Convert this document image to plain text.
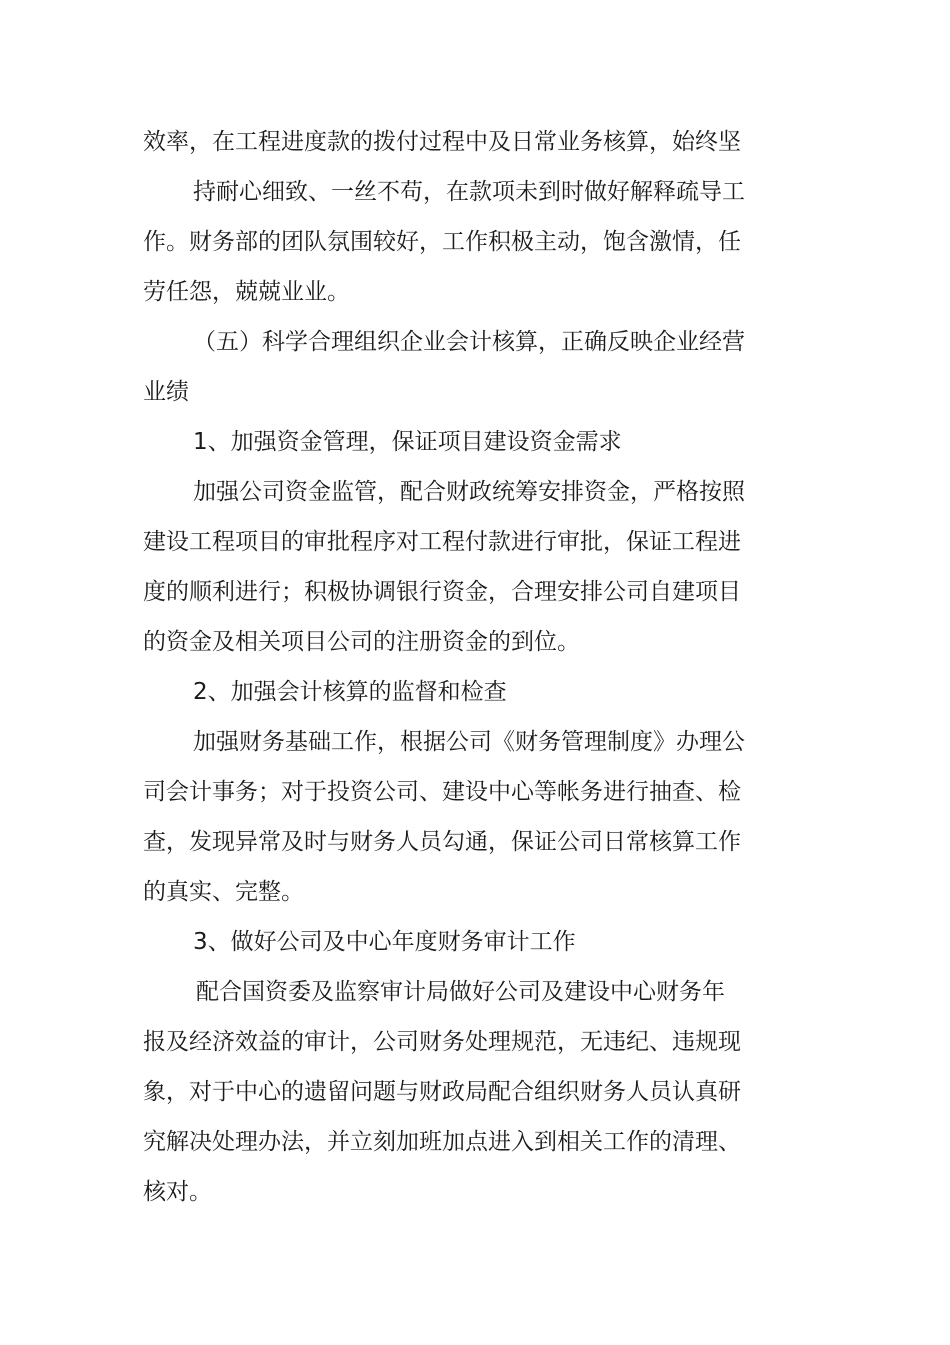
效率，在工程进度款的拨付过程中及日常业务核算，始终坚
持耐心细致、一丝不苟，在款项未到时做好解释疏导工
作。财务部的团队氛围较好，工作积极主动，饱含激情，任
劳任怨，兢兢业业。
（五）科学合理组织企业会计核算，正确反映企业经营
业绩
1、加强资金管理，保证项目建设资金需求
加强公司资金监管，配合财政统筹安排资金，严格按照
建设工程项目的审批程序对工程付款进行审批，保证工程进
度的顺利进行；积极协调银行资金，合理安排公司自建项目
的资金及相关项目公司的注册资金的到位。
2、加强会计核算的监督和检查
加强财务基础工作，根据公司《财务管理制度》办理公
司会计事务；对于投资公司、建设中心等帐务进行抽查、检
查，发现异常及时与财务人员勾通，保证公司日常核算工作
的真实、完整。
3、做好公司及中心年度财务审计工作
配合国资委及监察审计局做好公司及建设中心财务年
报及经济效益的审计，公司财务处理规范，无违纪、违规现
象，对于中心的遗留问题与财政局配合组织财务人员认真研
究解决处理办法，并立刻加班加点进入到相关工作的清理、
核对。
